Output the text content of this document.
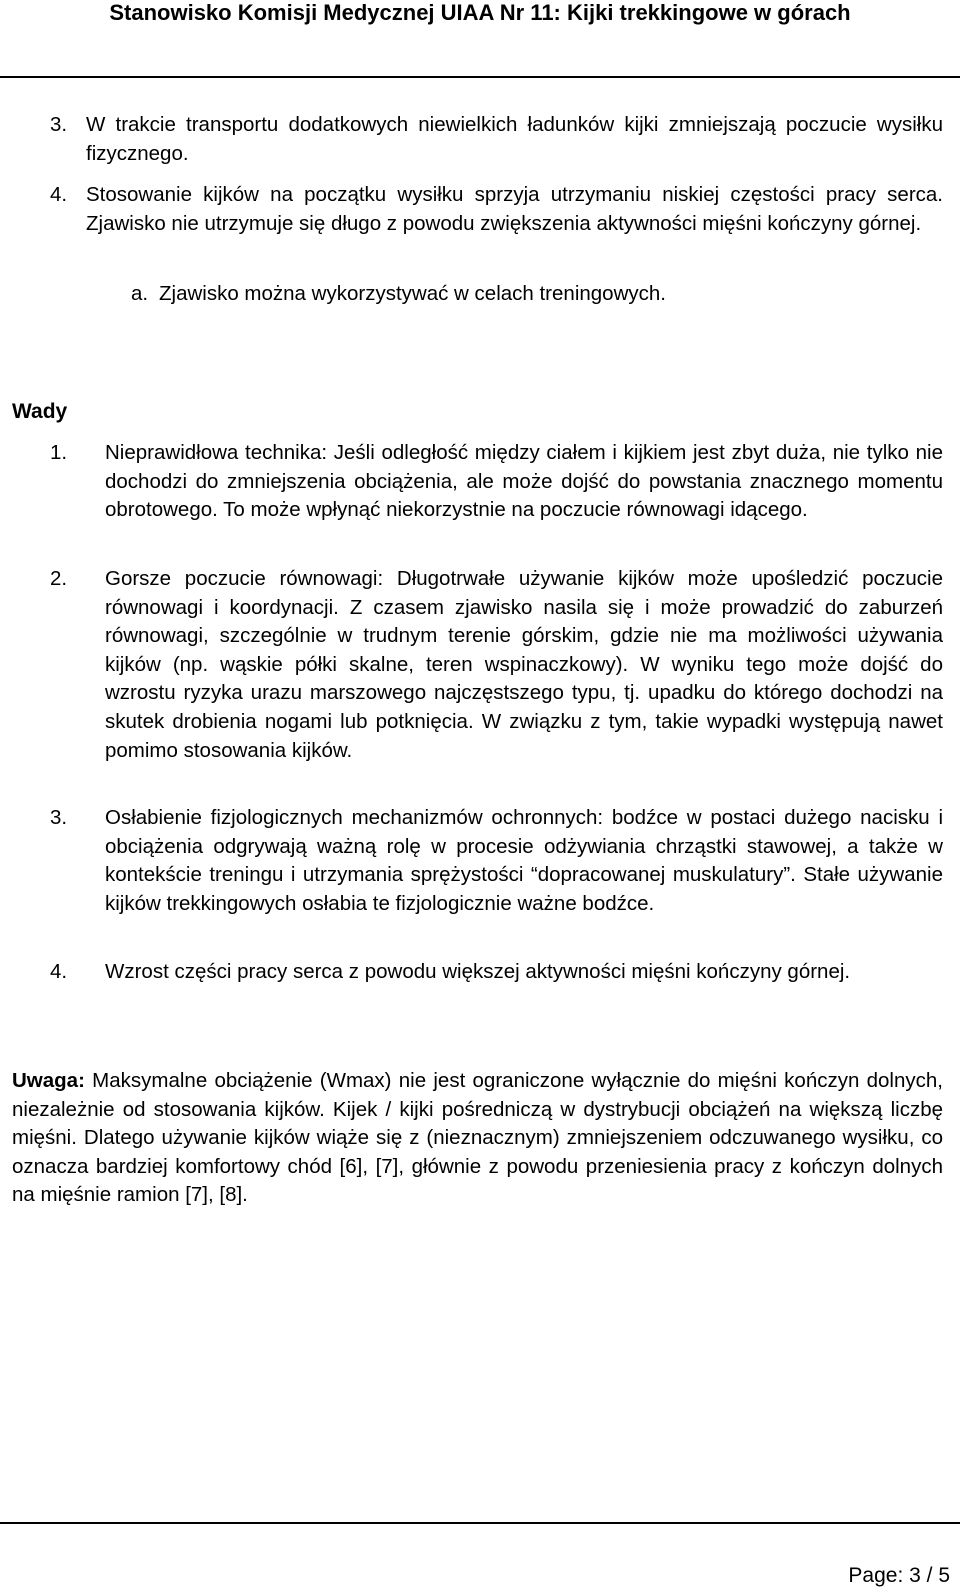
Stanowisko Komisji Medycznej UIAA Nr 11: Kijki trekkingowe w górach
3. W trakcie transportu dodatkowych niewielkich ładunków kijki zmniejszają poczucie wysiłku fizycznego.
4. Stosowanie kijków na początku wysiłku sprzyja utrzymaniu niskiej częstości pracy serca. Zjawisko nie utrzymuje się długo z powodu zwiększenia aktywności mięśni kończyny górnej.
a. Zjawisko można wykorzystywać w celach treningowych.
Wady
1. Nieprawidłowa technika: Jeśli odległość między ciałem i kijkiem jest zbyt duża, nie tylko nie dochodzi do zmniejszenia obciążenia, ale może dojść do powstania znacznego momentu obrotowego. To może wpłynąć niekorzystnie na poczucie równowagi idącego.
2. Gorsze poczucie równowagi: Długotrwałe używanie kijków może upośledzić poczucie równowagi i koordynacji. Z czasem zjawisko nasila się i może prowadzić do zaburzeń równowagi, szczególnie w trudnym terenie górskim, gdzie nie ma możliwości używania kijków (np. wąskie półki skalne, teren wspinaczkowy). W wyniku tego może dojść do wzrostu ryzyka urazu marszowego najczęstszego typu, tj. upadku do którego dochodzi na skutek drobienia nogami lub potknięcia. W związku z tym, takie wypadki występują nawet pomimo stosowania kijków.
3. Osłabienie fizjologicznych mechanizmów ochronnych: bodźce w postaci dużego nacisku i obciążenia odgrywają ważną rolę w procesie odżywiania chrząstki stawowej, a także w kontekście treningu i utrzymania sprężystości “dopracowanej muskulatury”. Stałe używanie kijków trekkingowych osłabia te fizjologicznie ważne bodźce.
4. Wzrost części pracy serca z powodu większej aktywności mięśni kończyny górnej.
Uwaga: Maksymalne obciążenie (Wmax) nie jest ograniczone wyłącznie do mięśni kończyn dolnych, niezależnie od stosowania kijków. Kijek / kijki pośredniczą w dystrybucji obciążeń na większą liczbę mięśni. Dlatego używanie kijków wiąże się z (nieznacznym) zmniejszeniem odczuwanego wysiłku, co oznacza bardziej komfortowy chód [6], [7], głównie z powodu przeniesienia pracy z kończyn dolnych na mięśnie ramion [7], [8].
Page: 3 / 5
